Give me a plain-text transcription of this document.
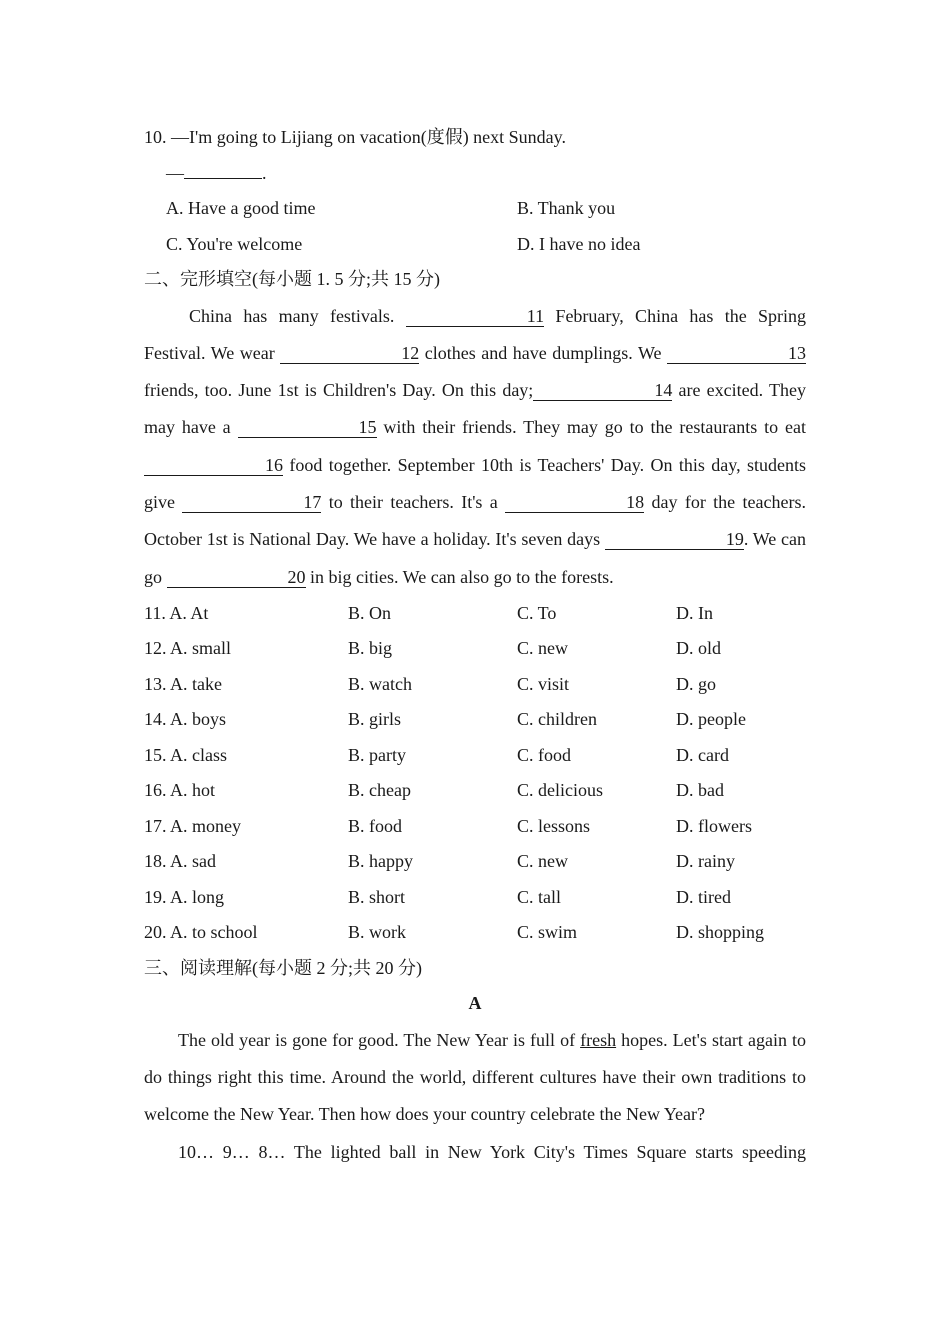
10. —I'm going to Lijiang on vacation(度假) next Sunday.
—	.
A. Have a good time	B. Thank you
C. You're welcome	D. I have no idea
二、完形填空(每小题 1. 5 分;共 15 分)

China has many festivals.	11 February, China has the Spring Festival. We wear	12 clothes and have dumplings. We	13 friends, too. June 1st is Children's Day. On this day;	14 are excited. They may have a	15 with their friends. They may go to the restaurants to eat 16 food together. September 10th is Teachers' Day. On this day, students give	17 to their teachers. It's a	18 day for the teachers. October 1st is National Day. We have a holiday. It's seven days	19. We can go	20 in big cities. We can also go to the forests.

11. A. At	B. On	C. To	D. In
12. A. small	B. big	C. new	D. old
13. A. take	B. watch	C. visit	D. go
14. A. boys	B. girls	C. children	D. people
15. A. class	B. party	C. food	D. card
16. A. hot	B. cheap	C. delicious	D. bad
17. A. money	B. food	C. lessons	D. flowers
18. A. sad	B. happy	C. new	D. rainy
19. A. long	B. short	C. tall	D. tired
20. A. to school	B. work	C. swim	D. shopping
三、阅读理解(每小题 2 分;共 20 分)
A

The old year is gone for good. The New Year is full of fresh hopes. Let's start again to do things right this time. Around the world, different cultures have their own traditions to welcome the New Year. Then how does your country celebrate the New Year?

10… 9… 8… The lighted ball in New York City's Times Square starts speeding
